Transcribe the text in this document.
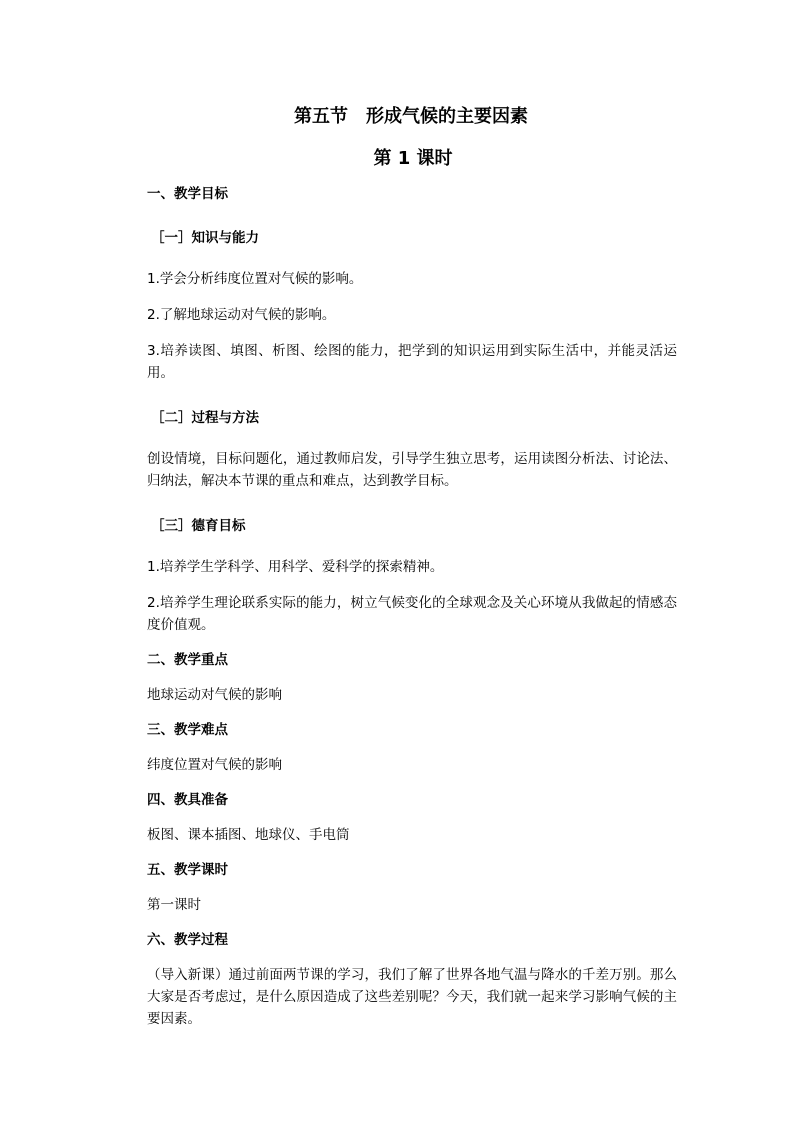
第五节　形成气候的主要因素
第 1 课时
一、教学目标
［一］知识与能力
1.学会分析纬度位置对气候的影响。
2.了解地球运动对气候的影响。
3.培养读图、填图、析图、绘图的能力，把学到的知识运用到实际生活中，并能灵活运用。
［二］过程与方法
创设情境，目标问题化，通过教师启发，引导学生独立思考，运用读图分析法、讨论法、归纳法，解决本节课的重点和难点，达到教学目标。
［三］德育目标
1.培养学生学科学、用科学、爱科学的探索精神。
2.培养学生理论联系实际的能力，树立气候变化的全球观念及关心环境从我做起的情感态度价值观。
二、教学重点
地球运动对气候的影响
三、教学难点
纬度位置对气候的影响
四、教具准备
板图、课本插图、地球仪、手电筒
五、教学课时
第一课时
六、教学过程
（导入新课）通过前面两节课的学习，我们了解了世界各地气温与降水的千差万别。那么大家是否考虑过，是什么原因造成了这些差别呢？今天，我们就一起来学习影响气候的主要因素。
